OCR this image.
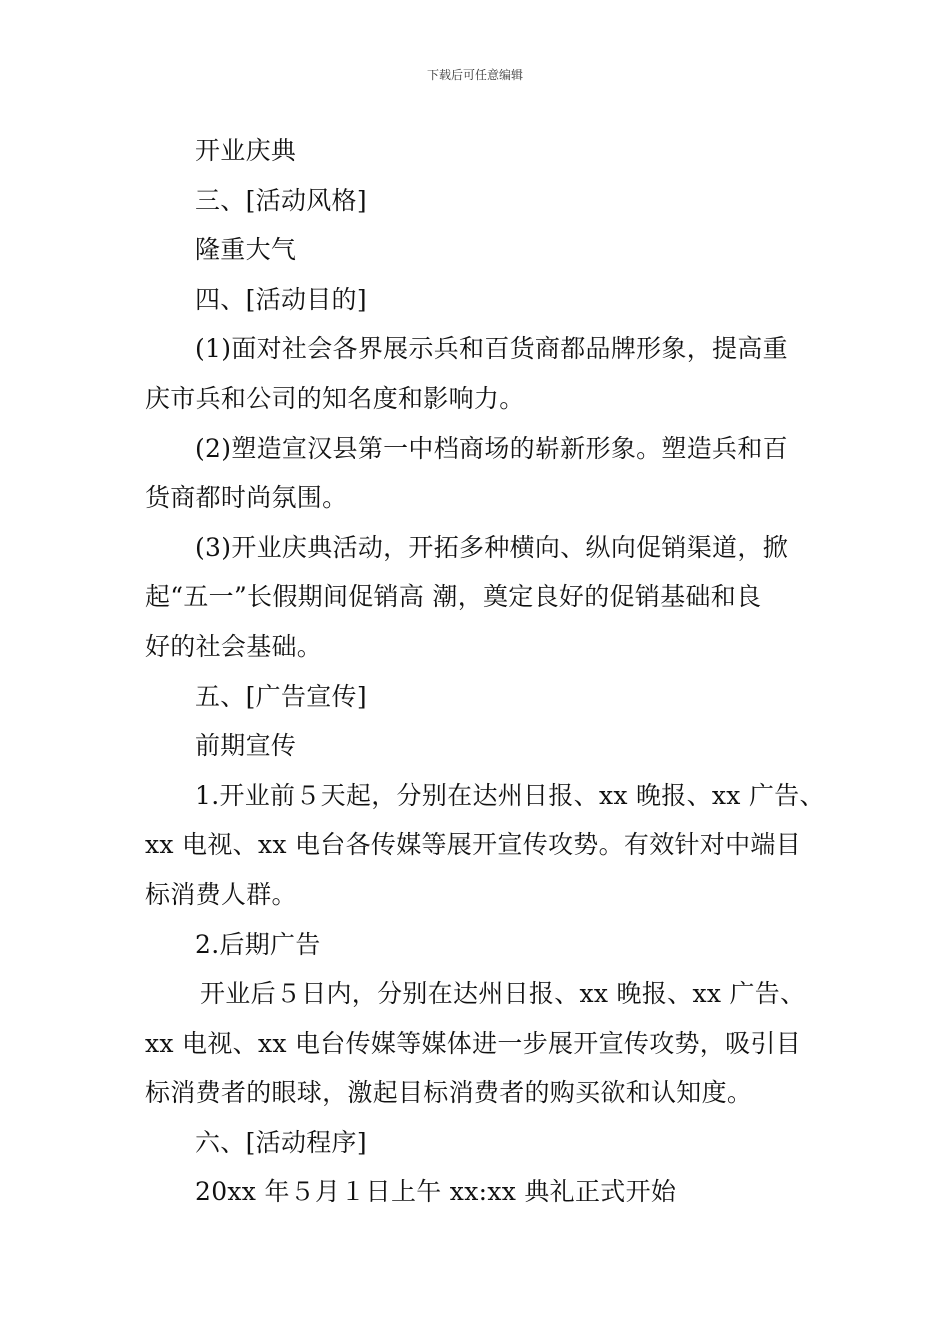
下载后可任意编辑
开业庆典
三、[活动风格]
隆重大气
四、[活动目的]
(1)面对社会各界展示兵和百货商都品牌形象，提高重
庆市兵和公司的知名度和影响力。
(2)塑造宣汉县第一中档商场的崭新形象。塑造兵和百
货商都时尚氛围。
(3)开业庆典活动，开拓多种横向、纵向促销渠道，掀
起“五一”长假期间促销高 潮，奠定良好的促销基础和良
好的社会基础。
五、[广告宣传]
前期宣传
1.开业前５天起，分别在达州日报、xx 晚报、xx 广告、
xx 电视、xx 电台各传媒等展开宣传攻势。有效针对中端目
标消费人群。
2.后期广告
开业后５日内，分别在达州日报、xx 晚报、xx 广告、
xx 电视、xx 电台传媒等媒体进一步展开宣传攻势，吸引目
标消费者的眼球，激起目标消费者的购买欲和认知度。
六、[活动程序]
20xx 年５月１日上午 xx:xx 典礼正式开始
